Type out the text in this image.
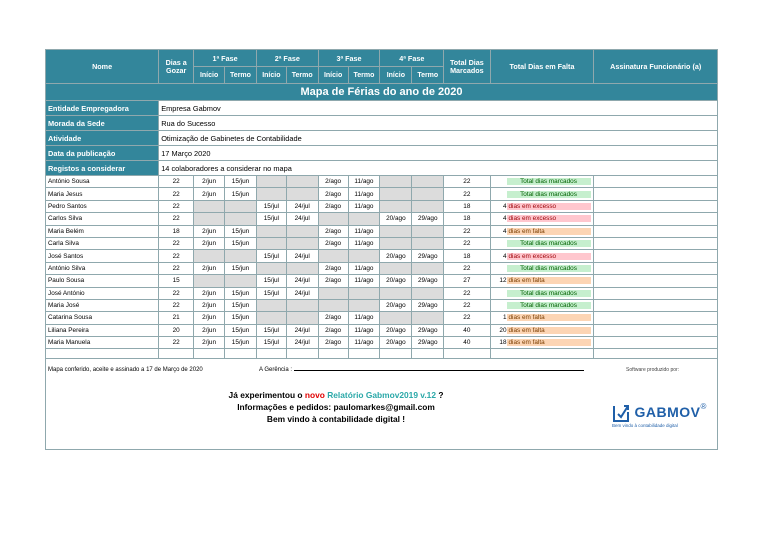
Mapa de Férias do ano de 2020												
Entidade Empregadora	Empresa Gabmov											
Morada da Sede	Rua do Sucesso											
Atividade	Otimização de Gabinetes de Contabilidade											
Data da publicação	17 Março 2020											
Registos a considerar	14 colaboradores a considerar no mapa											
Nome	Dias a Gozar	1ª Fase		2ª Fase		3ª Fase		4ª Fase		Total Dias Marcados	Total Dias em Falta	Assinatura Funcionário (a)
		Início	Termo	Início	Termo	Início	Termo	Início	Termo			
António Sousa	22	2/jun	15/jun			2/ago	11/ago			22	Total dias marcados	
Maria Jesus	22	2/jun	15/jun			2/ago	11/ago			22	Total dias marcados	
Pedro Santos	22			15/jul	24/jul	2/ago	11/ago			18	4 dias em excesso	
Carlos Silva	22			15/jul	24/jul			20/ago	29/ago	18	4 dias em excesso	
Maria Belém	18	2/jun	15/jun			2/ago	11/ago			22	4 dias em falta	
Carla Silva	22	2/jun	15/jun			2/ago	11/ago			22	Total dias marcados	
José Santos	22			15/jul	24/jul			20/ago	29/ago	18	4 dias em excesso	
António Silva	22	2/jun	15/jun			2/ago	11/ago			22	Total dias marcados	
Paulo Sousa	15			15/jul	24/jul	2/ago	11/ago	20/ago	29/ago	27	12 dias em falta	
José António	22	2/jun	15/jun	15/jul	24/jul					22	Total dias marcados	
Maria José	22	2/jun	15/jun					20/ago	29/ago	22	Total dias marcados	
Catarina Sousa	21	2/jun	15/jun			2/ago	11/ago			22	1 dias em falta	
Liliana Pereira	20	2/jun	15/jun	15/jul	24/jul	2/ago	11/ago	20/ago	29/ago	40	20 dias em falta	
Maria Manuela	22	2/jun	15/jun	15/jul	24/jul	2/ago	11/ago	20/ago	29/ago	40	18 dias em falta	

Mapa conferido, aceite e assinado a 17 de Março de 2020	A Gerência :	Software produzido por:
Já experimentou o novo Relatório Gabmov2019 v.12 ?
Informações e pedidos: paulomarkes@gmail.com
Bem vindo à contabilidade digital !	GABMOV®
Bem vindo à contabilidade digital
